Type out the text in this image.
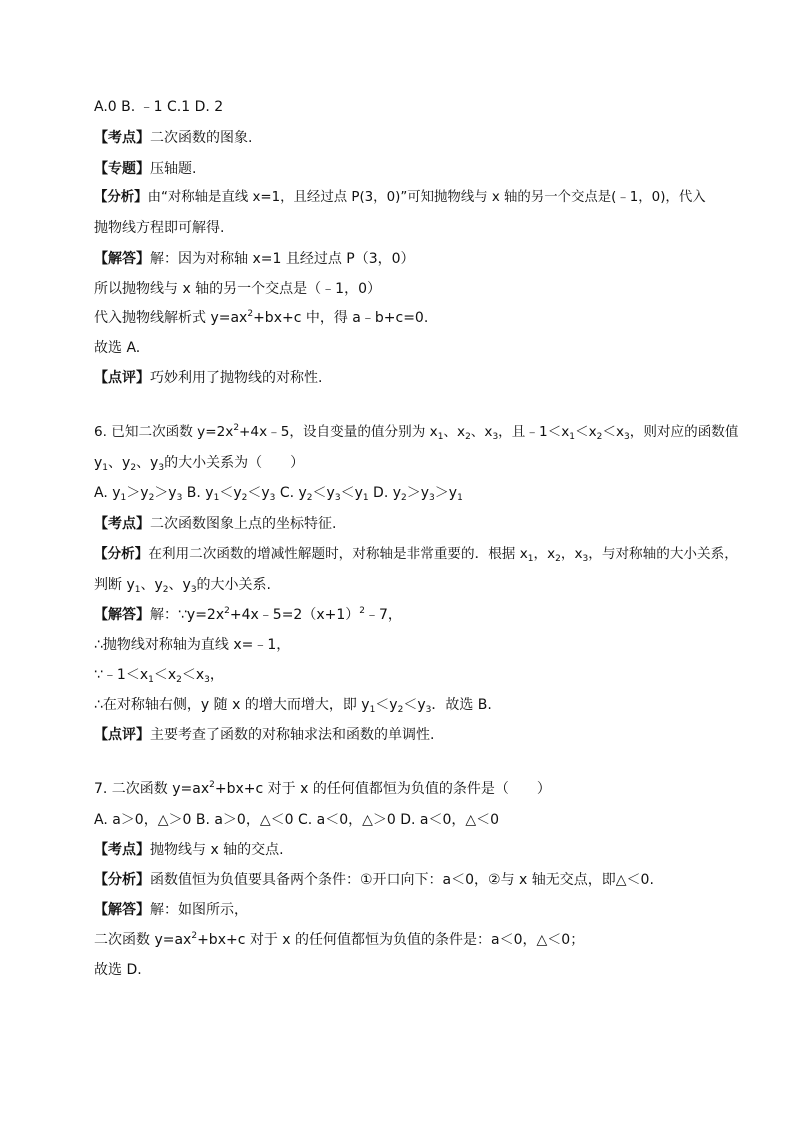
A.0 B. ﹣1 C.1 D. 2
【考点】二次函数的图象.
【专题】压轴题.
【分析】由“对称轴是直线 x=1，且经过点 P(3，0)”可知抛物线与 x 轴的另一个交点是(﹣1，0)，代入
抛物线方程即可解得.
【解答】解：因为对称轴 x=1 且经过点 P（3，0）
所以抛物线与 x 轴的另一个交点是（﹣1，0）
代入抛物线解析式 $y=ax^2+bx+c$ 中，得 a﹣b+c=0.
故选 A.
【点评】巧妙利用了抛物线的对称性.
6. 已知二次函数 $y=2x^2+4x﹣5$，设自变量的值分别为 $x_1$、$x_2$、$x_3$，且$﹣1<x_1<x_2<x_3$，则对应的函数值
$y_1$、$y_2$、$y_3$的大小关系为（　　）
A. $y_1>y_2>y_3$ B. $y_1<y_2<y_3$ C. $y_2<y_3<y_1$ D. $y_2>y_3>y_1$
【考点】二次函数图象上点的坐标特征.
【分析】在利用二次函数的增减性解题时，对称轴是非常重要的．根据 $x_1$，$x_2$，$x_3$，与对称轴的大小关系，
判断 $y_1$、$y_2$、$y_3$的大小关系.
【解答】解：$\because y=2x^2+4x﹣5=2(x+1)^2﹣7$，
∴抛物线对称轴为直线 x=﹣1，
$\because﹣1<x_1<x_2<x_3$，
∴在对称轴右侧，y 随 x 的增大而增大，即 $y_1<y_2<y_3$．故选 B.
【点评】主要考查了函数的对称轴求法和函数的单调性.
7. 二次函数 $y=ax^2+bx+c$ 对于 x 的任何值都恒为负值的条件是（　　）
A. a＞0，△＞0 B. a＞0，△＜0 C. a＜0，△＞0 D. a＜0，△＜0
【考点】抛物线与 x 轴的交点.
【分析】函数值恒为负值要具备两个条件：①开口向下：a＜0，②与 x 轴无交点，即△＜0.
【解答】解：如图所示，
二次函数 $y=ax^2+bx+c$ 对于 x 的任何值都恒为负值的条件是：a＜0，△＜0；
故选 D.
